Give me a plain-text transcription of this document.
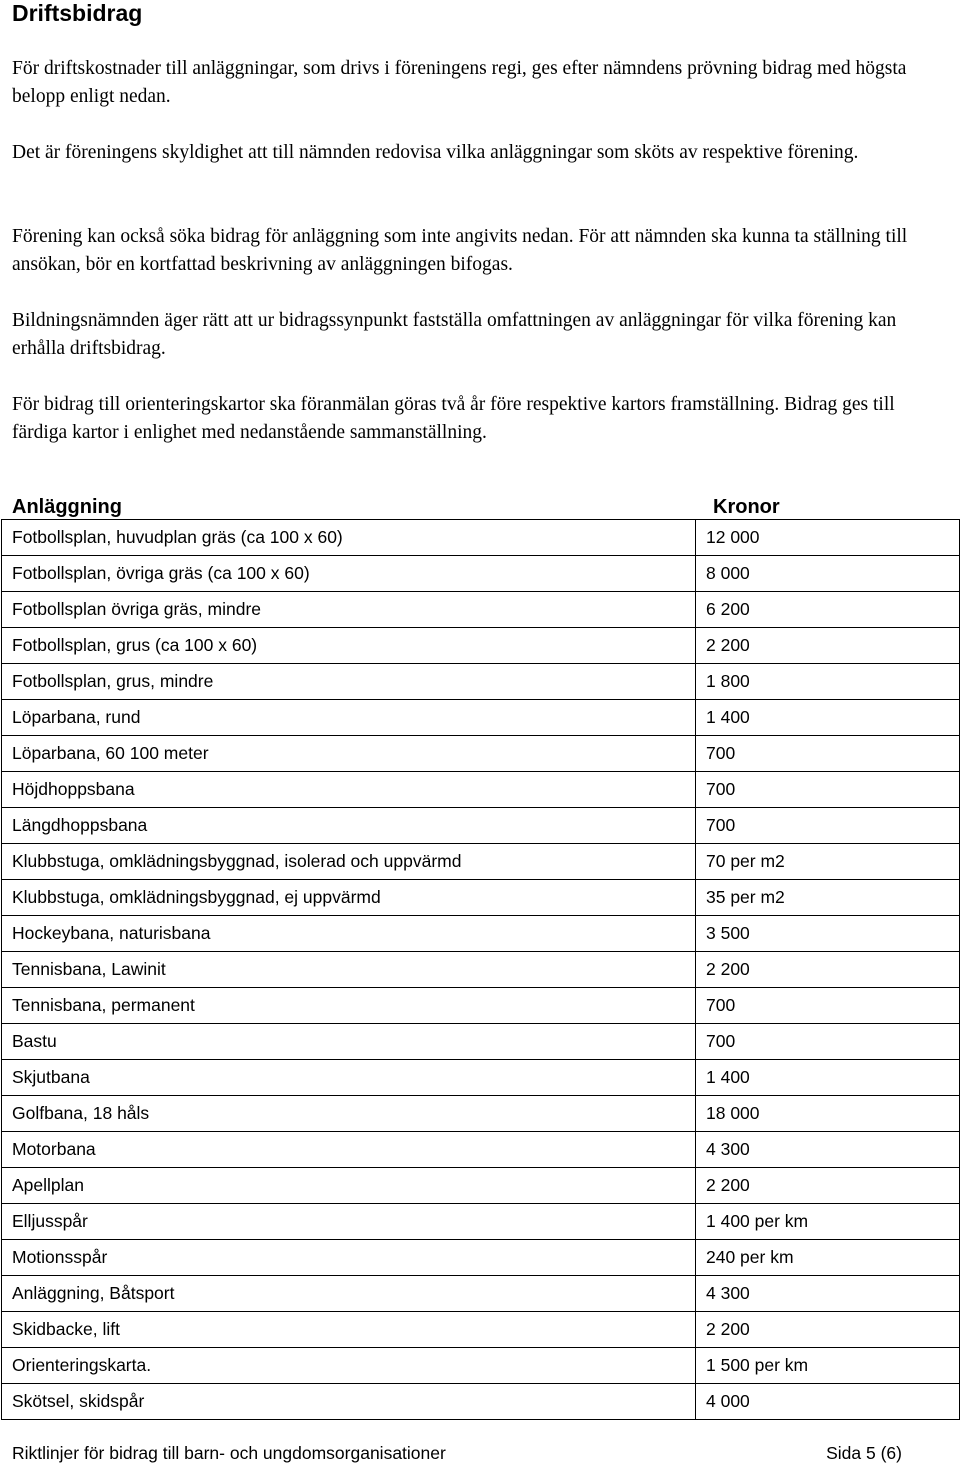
Driftsbidrag
För driftskostnader till anläggningar, som drivs i föreningens regi, ges efter nämndens prövning bidrag med högsta belopp enligt nedan.
Det är föreningens skyldighet att till nämnden redovisa vilka anläggningar som sköts av respektive förening.
Förening kan också söka bidrag för anläggning som inte angivits nedan. För att nämnden ska kunna ta ställning till ansökan, bör en kortfattad beskrivning av anläggningen bifogas.
Bildningsnämnden äger rätt att ur bidragssynpunkt fastställa omfattningen av anläggningar för vilka förening kan erhålla driftsbidrag.
För bidrag till orienteringskartor ska föranmälan göras två år före respektive kartors framställning. Bidrag ges till färdiga kartor i enlighet med nedanstående sammanställning.
Anläggning	Kronor
Fotbollsplan, huvudplan gräs (ca 100 x 60)	12 000
Fotbollsplan, övriga gräs (ca 100 x 60)	8 000
Fotbollsplan övriga gräs, mindre	6 200
Fotbollsplan, grus (ca 100 x 60)	2 200
Fotbollsplan, grus, mindre	1 800
Löparbana, rund	1 400
Löparbana, 60 100 meter	700
Höjdhoppsbana	700
Längdhoppsbana	700
Klubbstuga, omklädningsbyggnad, isolerad och uppvärmd	70 per m2
Klubbstuga, omklädningsbyggnad, ej uppvärmd	35 per m2
Hockeybana, naturisbana	3 500
Tennisbana, Lawinit	2 200
Tennisbana, permanent	700
Bastu	700
Skjutbana	1 400
Golfbana, 18 håls	18 000
Motorbana	4 300
Apellplan	2 200
Elljusspår	1 400 per km
Motionsspår	240 per km
Anläggning, Båtsport	4 300
Skidbacke, lift	2 200
Orienteringskarta.	1 500 per km
Skötsel, skidspår	4 000
Riktlinjer för bidrag till barn- och ungdomsorganisationer	Sida 5 (6)
